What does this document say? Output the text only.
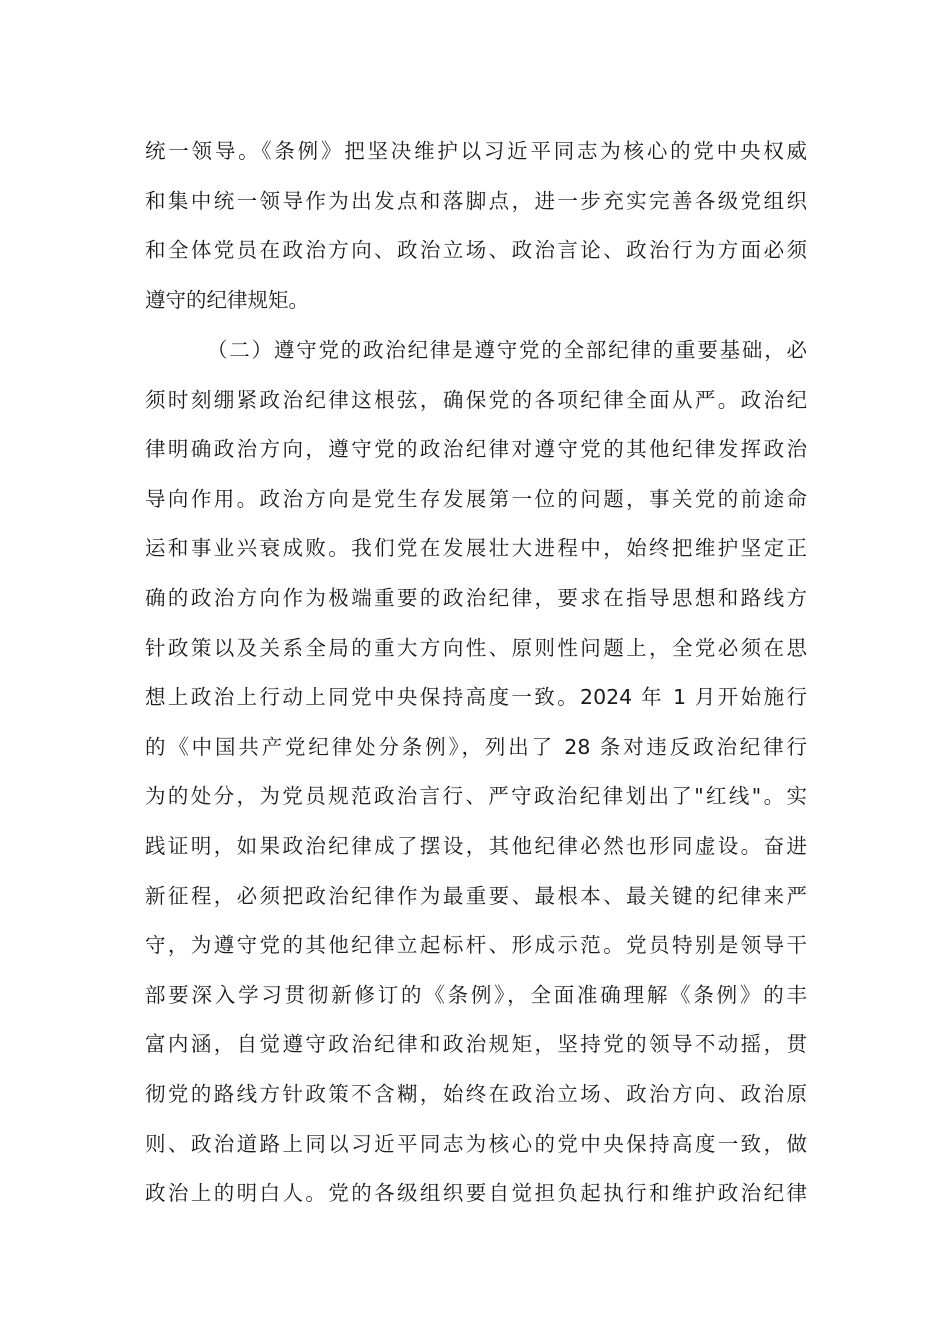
统一领导。《条例》把坚决维护以习近平同志为核心的党中央权威
和集中统一领导作为出发点和落脚点，进一步充实完善各级党组织
和全体党员在政治方向、政治立场、政治言论、政治行为方面必须
遵守的纪律规矩。
（二）遵守党的政治纪律是遵守党的全部纪律的重要基础，必
须时刻绷紧政治纪律这根弦，确保党的各项纪律全面从严。政治纪
律明确政治方向，遵守党的政治纪律对遵守党的其他纪律发挥政治
导向作用。政治方向是党生存发展第一位的问题，事关党的前途命
运和事业兴衰成败。我们党在发展壮大进程中，始终把维护坚定正
确的政治方向作为极端重要的政治纪律，要求在指导思想和路线方
针政策以及关系全局的重大方向性、原则性问题上，全党必须在思
想上政治上行动上同党中央保持高度一致。2024 年 1 月开始施行
的《中国共产党纪律处分条例》，列出了 28 条对违反政治纪律行
为的处分，为党员规范政治言行、严守政治纪律划出了"红线"。实
践证明，如果政治纪律成了摆设，其他纪律必然也形同虚设。奋进
新征程，必须把政治纪律作为最重要、最根本、最关键的纪律来严
守，为遵守党的其他纪律立起标杆、形成示范。党员特别是领导干
部要深入学习贯彻新修订的《条例》，全面准确理解《条例》的丰
富内涵，自觉遵守政治纪律和政治规矩，坚持党的领导不动摇，贯
彻党的路线方针政策不含糊，始终在政治立场、政治方向、政治原
则、政治道路上同以习近平同志为核心的党中央保持高度一致，做
政治上的明白人。党的各级组织要自觉担负起执行和维护政治纪律
